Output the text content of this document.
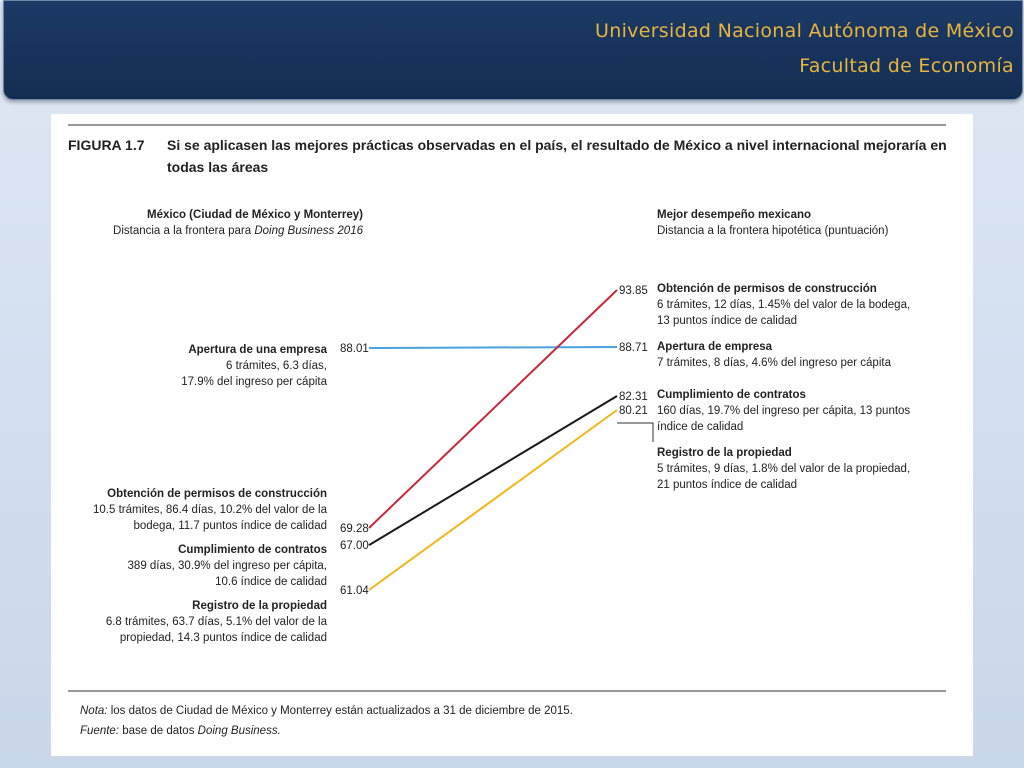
Universidad Nacional Autónoma de México
Facultad de Economía
FIGURA 1.7 Si se aplicasen las mejores prácticas observadas en el país, el resultado de México a nivel internacional mejoraría en
todas las áreas
México (Ciudad de México y Monterrey)
Distancia a la frontera para Doing Business 2016
Mejor desempeño mexicano
Distancia a la frontera hipotética (puntuación)
88.01	88.71
Apertura de una empresa
6 trámites, 6.3 días,
17.9% del ingreso per cápita
Apertura de empresa
7 trámites, 8 días, 4.6% del ingreso per cápita
69.28
93.85
Obtención de permisos de construcción
10.5 trámites, 86.4 días, 10.2% del valor de la
bodega, 11.7 puntos índice de calidad
Obtención de permisos de construcción
6 trámites, 12 días, 1.45% del valor de la bodega,
13 puntos índice de calidad
67.00
82.31
Cumplimiento de contratos
389 días, 30.9% del ingreso per cápita,
10.6 índice de calidad
Cumplimiento de contratos
160 días, 19.7% del ingreso per cápita, 13 puntos
índice de calidad
61.04
80.21
Registro de la propiedad
6.8 trámites, 63.7 días, 5.1% del valor de la
propiedad, 14.3 puntos índice de calidad
Registro de la propiedad
5 trámites, 9 días, 1.8% del valor de la propiedad,
21 puntos índice de calidad
Nota: los datos de Ciudad de México y Monterrey están actualizados a 31 de diciembre de 2015.
Fuente: base de datos Doing Business.
